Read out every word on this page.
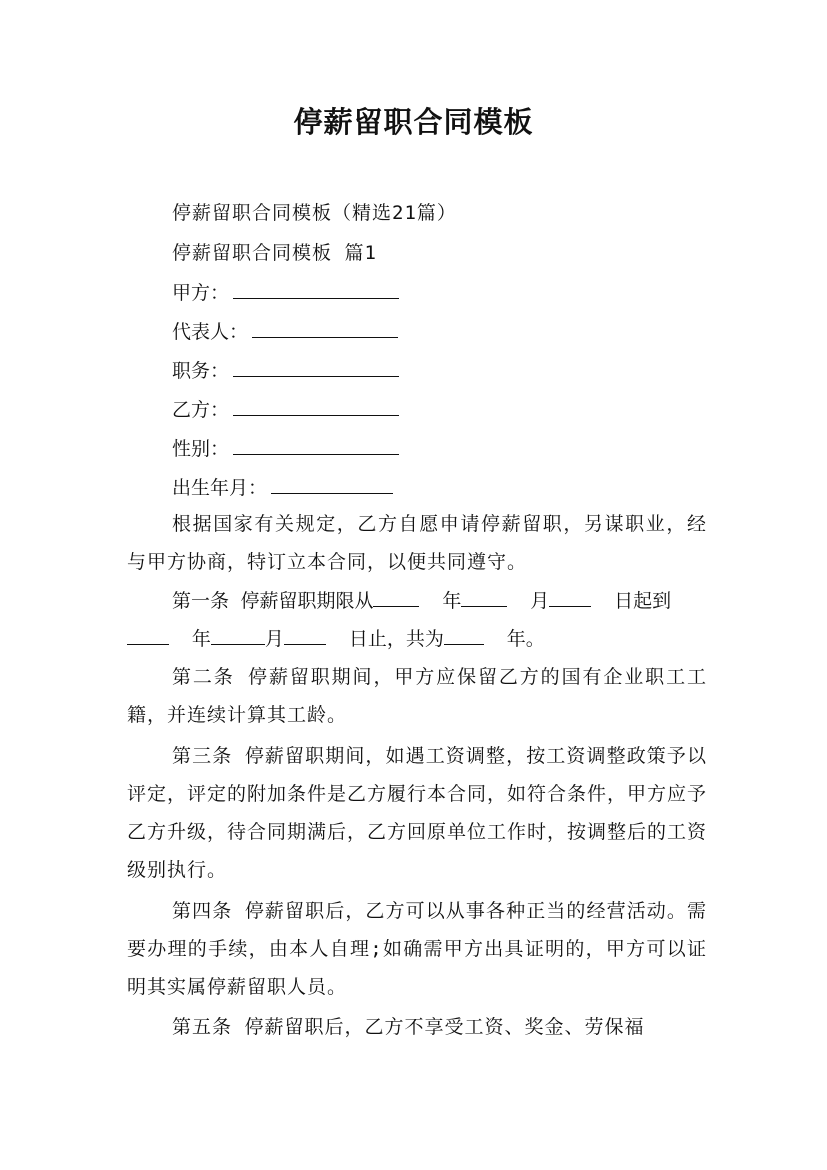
停薪留职合同模板
停薪留职合同模板（精选21篇）
停薪留职合同模板 篇1
甲方：
代表人：
职务：
乙方：
性别：
出生年月：
根据国家有关规定，乙方自愿申请停薪留职，另谋职业，经与甲方协商，特订立本合同，以便共同遵守。
第一条 停薪留职期限从	年	月	日起到
年	月	日止，共为	年。
第二条 停薪留职期间，甲方应保留乙方的国有企业职工工籍，并连续计算其工龄。
第三条 停薪留职期间，如遇工资调整，按工资调整政策予以评定，评定的附加条件是乙方履行本合同，如符合条件，甲方应予乙方升级，待合同期满后，乙方回原单位工作时，按调整后的工资级别执行。
第四条 停薪留职后，乙方可以从事各种正当的经营活动。需要办理的手续，由本人自理;如确需甲方出具证明的，甲方可以证明其实属停薪留职人员。
第五条 停薪留职后，乙方不享受工资、奖金、劳保福
